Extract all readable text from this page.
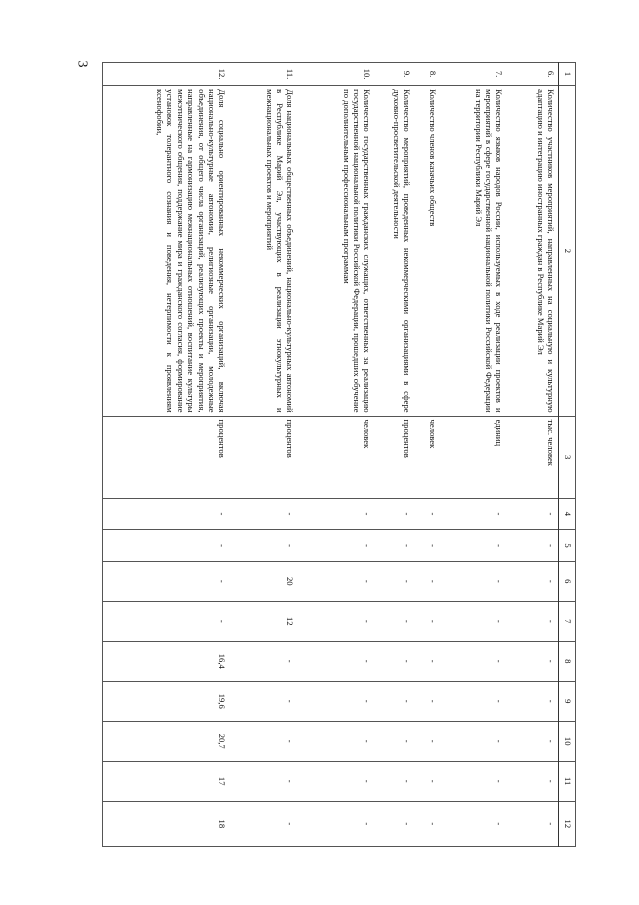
3
1	2	3	4	5	6	7	8	9	10	11	12
6.	Количество участников мероприятий, направленных на социальную и культурную адаптацию и интеграцию иностранных граждан в Республике Марий Эл	тыс. человек	-	-	-	-	-	-	-	-	-
7.	Количество языков народов России, используемых в ходе реализации проектов и мероприятий в сфере государственной национальной политики Российской Федерации на территории Республики Марий Эл	единиц	-	-	-	-	-	-	-	-	-
8.	Количество членов казачьих обществ	человек	-	-	-	-	-	-	-	-	-
9.	Количество мероприятий, проведенных некоммерческими организациями в сфере духовно-просветительской деятельности	процентов	-	-	-	-	-	-	-	-	-
10.	Количество государственных гражданских служащих, ответственных за реализацию государственной национальной политики Российской Федерации, прошедших обучение по дополнительным профессиональным программам	человек	-	-	-	-	-	-	-	-	-
11.	Доля национальных общественных объединений, национально-культурных автономий в Республике Марий Эл, участвующих в реализации этнокультурных и межнациональных проектов и мероприятий	процентов	-	-	20	12	-	-	-	-	-
12.	Доля социально ориентированных некоммерческих организаций, включая национально-культурные автономии, религиозные организации, молодежные объединения, от общего числа организаций, реализующих проекты и мероприятия, направленные на гармонизацию межнациональных отношений, воспитание культуры межэтнического общения, поддержание мира и гражданского согласия, формирование установок толерантного сознания и поведения, нетерпимости к проявлениям ксенофобии,	процентов	-	-	-	-	16,4	19,6	20,7	17	18
